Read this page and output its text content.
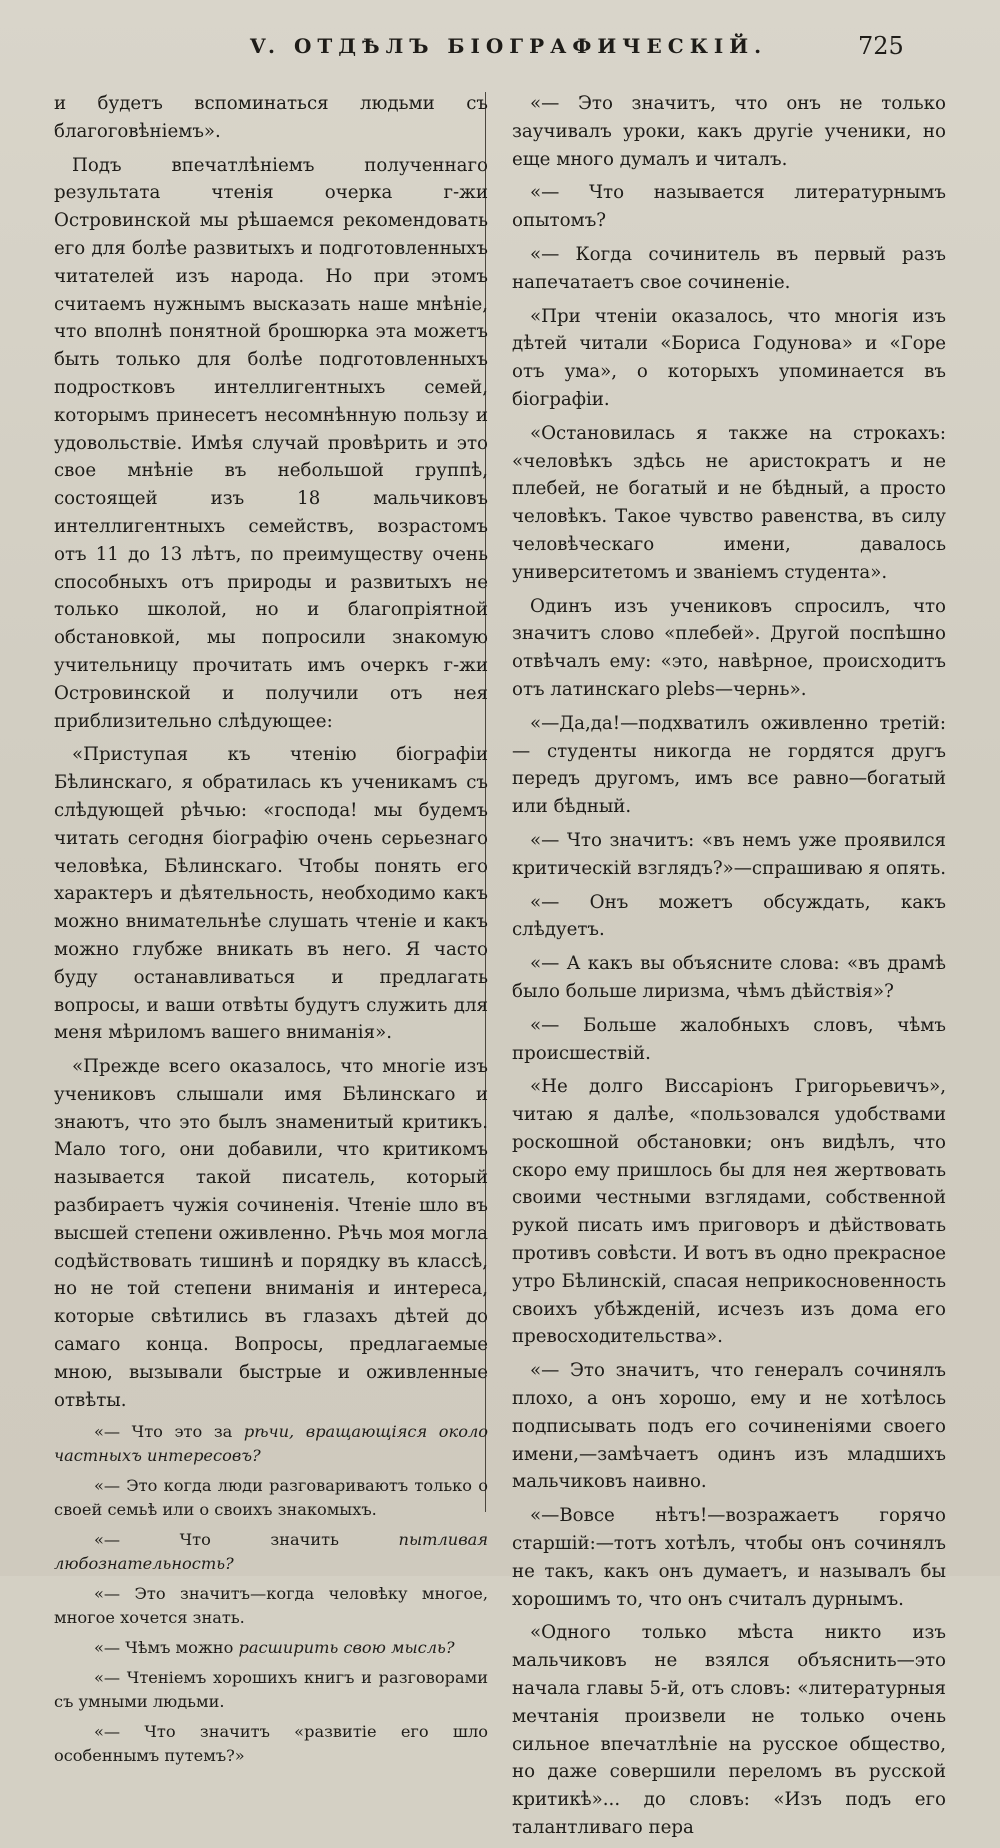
V. ОТДѢЛЪ БІОГРАФИЧЕСКІЙ.	725

и будетъ вспоминаться людьми съ благоговѣніемъ».

Подъ впечатлѣніемъ полученнаго результата чтенія очерка г-жи Островинской мы рѣшаемся рекомендовать его для болѣе развитыхъ и подготовленныхъ читателей изъ народа. Но при этомъ считаемъ нужнымъ высказать наше мнѣніе, что вполнѣ понятной брошюрка эта можетъ быть только для болѣе подготовленныхъ подростковъ интеллигентныхъ семей, которымъ принесетъ несомнѣнную пользу и удовольствіе. Имѣя случай провѣрить и это свое мнѣніе въ небольшой группѣ, состоящей изъ 18 мальчиковъ интеллигентныхъ семействъ, возрастомъ отъ 11 до 13 лѣтъ, по преимуществу очень способныхъ отъ природы и развитыхъ не только школой, но и благопріятной обстановкой, мы попросили знакомую учительницу прочитать имъ очеркъ г-жи Островинской и получили отъ нея приблизительно слѣдующее:

«Приступая къ чтенію біографіи Бѣлинскаго, я обратилась къ ученикамъ съ слѣдующей рѣчью: «господа! мы будемъ читать сегодня біографію очень серьезнаго человѣка, Бѣлинскаго. Чтобы понять его характеръ и дѣятельность, необходимо какъ можно внимательнѣе слушать чтеніе и какъ можно глубже вникать въ него. Я часто буду останавливаться и предлагать вопросы, и ваши отвѣты будутъ служить для меня мѣриломъ вашего вниманія».

«Прежде всего оказалось, что многіе изъ учениковъ слышали имя Бѣлинскаго и знаютъ, что это былъ знаменитый критикъ. Мало того, они добавили, что критикомъ называется такой писатель, который разбираетъ чужія сочиненія. Чтеніе шло въ высшей степени оживленно. Рѣчь моя могла содѣйствовать тишинѣ и порядку въ классѣ, но не той степени вниманія и интереса, которые свѣтились въ глазахъ дѣтей до самаго конца. Вопросы, предлагаемые мною, вызывали быстрые и оживленные отвѣты.

«— Что это за рѣчи, вращающіяся около частныхъ интересовъ?

«— Это когда люди разговариваютъ только о своей семьѣ или о своихъ знакомыхъ.

«— Что значить пытливая любознательность?

«— Это значитъ—когда человѣку многое, многое хочется знать.

«— Чѣмъ можно расширить свою мысль?

«— Чтеніемъ хорошихъ книгъ и разговорами съ умными людьми.

«— Что значитъ «развитіе его шло особеннымъ путемъ?»

«— Это значитъ, что онъ не только заучивалъ уроки, какъ другіе ученики, но еще много думалъ и читалъ.

«— Что называется литературнымъ опытомъ?

«— Когда сочинитель въ первый разъ напечатаетъ свое сочиненіе.

«При чтеніи оказалось, что многія изъ дѣтей читали «Бориса Годунова» и «Горе отъ ума», о которыхъ упоминается въ біографіи.

«Остановилась я также на строкахъ: «человѣкъ здѣсь не аристократъ и не плебей, не богатый и не бѣдный, а просто человѣкъ. Такое чувство равенства, въ силу человѣческаго имени, давалось университетомъ и званіемъ студента».

Одинъ изъ учениковъ спросилъ, что значитъ слово «плебей». Другой поспѣшно отвѣчалъ ему: «это, навѣрное, происходитъ отъ латинскаго plebs—чернь».

«—Да,да!—подхватилъ оживленно третій:— студенты никогда не гордятся другъ передъ другомъ, имъ все равно—богатый или бѣдный.

«— Что значитъ: «въ немъ уже проявился критическій взглядъ?»—спрашиваю я опять.

«— Онъ можетъ обсуждать, какъ слѣдуетъ.

«— А какъ вы объясните слова: «въ драмѣ было больше лиризма, чѣмъ дѣйствія»?

«— Больше жалобныхъ словъ, чѣмъ происшествій.

«Не долго Виссаріонъ Григорьевичъ», читаю я далѣе, «пользовался удобствами роскошной обстановки; онъ видѣлъ, что скоро ему пришлось бы для нея жертвовать своими честными взглядами, собственной рукой писать имъ приговоръ и дѣйствовать противъ совѣсти. И вотъ въ одно прекрасное утро Бѣлинскій, спасая неприкосновенность своихъ убѣжденій, исчезъ изъ дома его превосходительства».

«— Это значитъ, что генералъ сочинялъ плохо, а онъ хорошо, ему и не хотѣлось подписывать подъ его сочиненіями своего имени,—замѣчаетъ одинъ изъ младшихъ мальчиковъ наивно.

«—Вовсе нѣтъ!—возражаетъ горячо старшій:—тотъ хотѣлъ, чтобы онъ сочинялъ не такъ, какъ онъ думаетъ, и называлъ бы хорошимъ то, что онъ считалъ дурнымъ.

«Одного только мѣста никто изъ мальчиковъ не взялся объяснить—это начала главы 5-й, отъ словъ: «литературныя мечтанія произвели не только очень сильное впечатлѣніе на русское общество, но даже совершили переломъ въ русской критикѣ»... до словъ: «Изъ подъ его талантливаго пера
